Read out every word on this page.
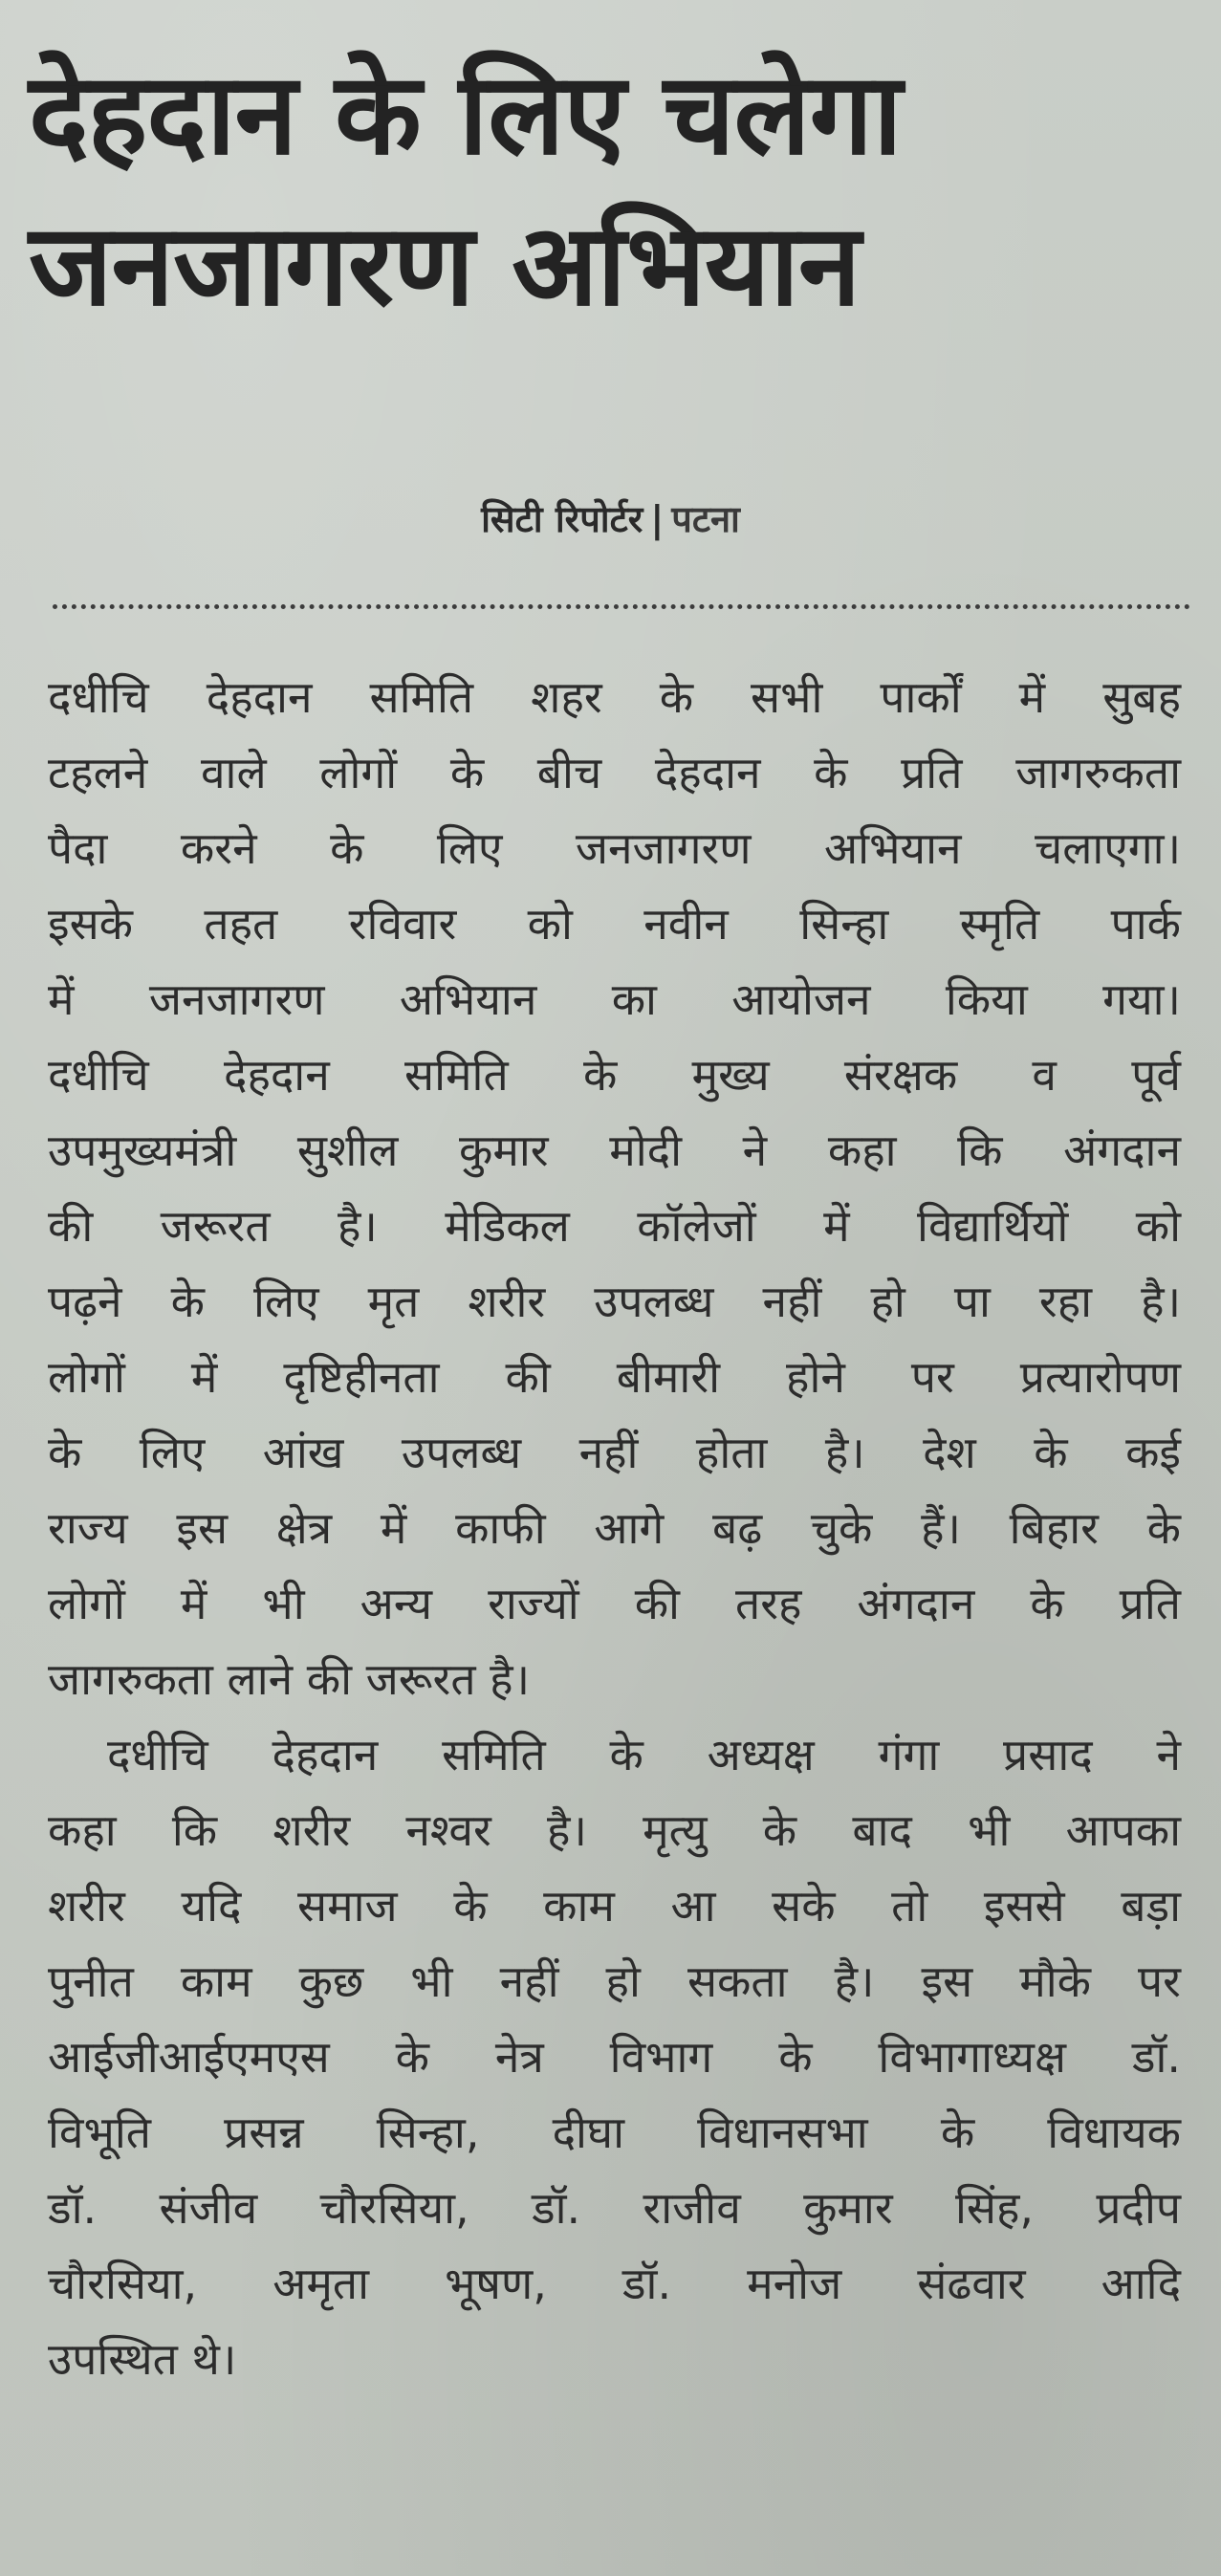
देहदान के लिए चलेगा
जनजागरण अभियान
सिटी रिपोर्टर | पटना
दधीचि देहदान समिति शहर के सभी पार्कों में सुबह
टहलने वाले लोगों के बीच देहदान के प्रति जागरुकता
पैदा करने के लिए जनजागरण अभियान चलाएगा।
इसके तहत रविवार को नवीन सिन्हा स्मृति पार्क
में जनजागरण अभियान का आयोजन किया गया।
दधीचि देहदान समिति के मुख्य संरक्षक व पूर्व
उपमुख्यमंत्री सुशील कुमार मोदी ने कहा कि अंगदान
की जरूरत है। मेडिकल कॉलेजों में विद्यार्थियों को
पढ़ने के लिए मृत शरीर उपलब्ध नहीं हो पा रहा है।
लोगों में दृष्टिहीनता की बीमारी होने पर प्रत्यारोपण
के लिए आंख उपलब्ध नहीं होता है। देश के कई
राज्य इस क्षेत्र में काफी आगे बढ़ चुके हैं। बिहार के
लोगों में भी अन्य राज्यों की तरह अंगदान के प्रति
जागरुकता लाने की जरूरत है।
दधीचि देहदान समिति के अध्यक्ष गंगा प्रसाद ने
कहा कि शरीर नश्वर है। मृत्यु के बाद भी आपका
शरीर यदि समाज के काम आ सके तो इससे बड़ा
पुनीत काम कुछ भी नहीं हो सकता है। इस मौके पर
आईजीआईएमएस के नेत्र विभाग के विभागाध्यक्ष डॉ.
विभूति प्रसन्न सिन्हा, दीघा विधानसभा के विधायक
डॉ. संजीव चौरसिया, डॉ. राजीव कुमार सिंह, प्रदीप
चौरसिया, अमृता भूषण, डॉ. मनोज संढवार आदि
उपस्थित थे।
